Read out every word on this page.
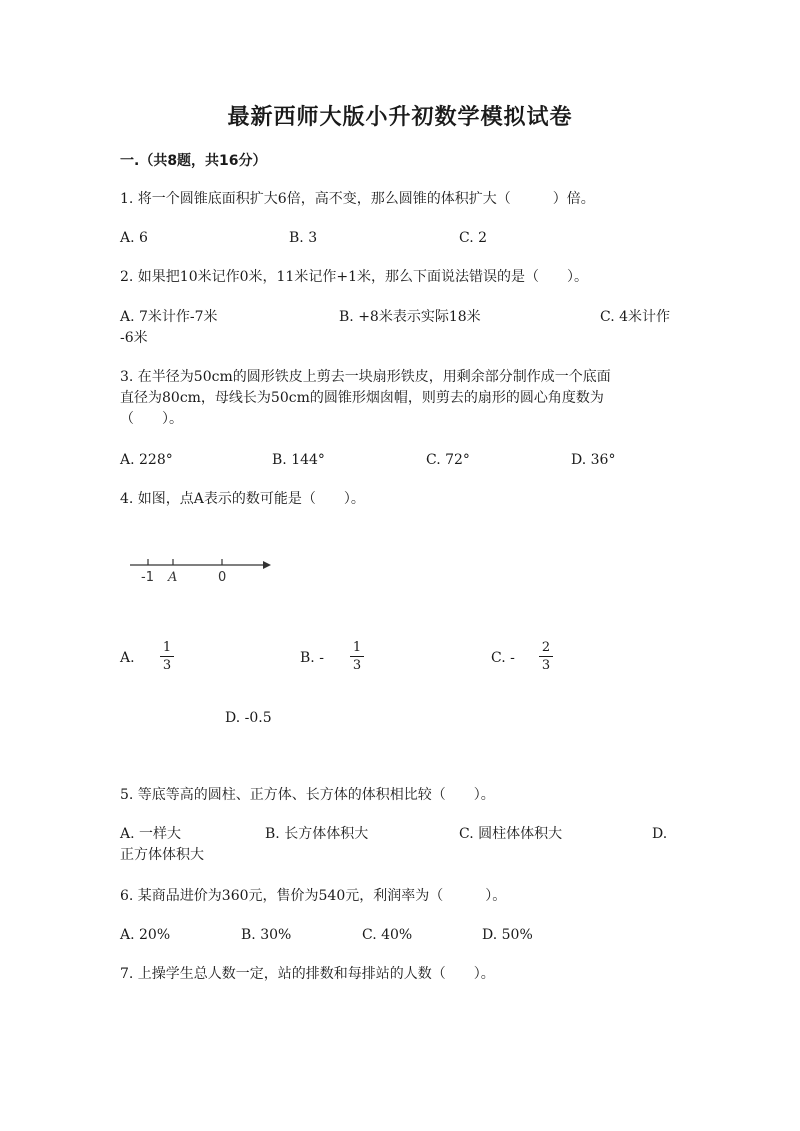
最新西师大版小升初数学模拟试卷
一.（共8题，共16分）
1. 将一个圆锥底面积扩大6倍，高不变，那么圆锥的体积扩大（　　　）倍。
A. 6	B. 3	C. 2
2. 如果把10米记作0米，11米记作+1米，那么下面说法错误的是（　　）。
A. 7米计作-7米	B. +8米表示实际18米	C. 4米计作
-6米
3. 在半径为50cm的圆形铁皮上剪去一块扇形铁皮，用剩余部分制作成一个底面
直径为80cm，母线长为50cm的圆锥形烟囱帽，则剪去的扇形的圆心角度数为
（　　）。
A. 228°	B. 144°	C. 72°	D. 36°
4. 如图，点A表示的数可能是（　　）。
-1 A	0
A.
1
3	B. -
1
3	C. -
2
3
D. -0.5
5. 等底等高的圆柱、正方体、长方体的体积相比较（　　）。
A. 一样大	B. 长方体体积大	C. 圆柱体体积大	D.
正方体体积大
6. 某商品进价为360元，售价为540元，利润率为（　　　）。
A. 20%	B. 30%	C. 40%	D. 50%
7. 上操学生总人数一定，站的排数和每排站的人数（　　）。
